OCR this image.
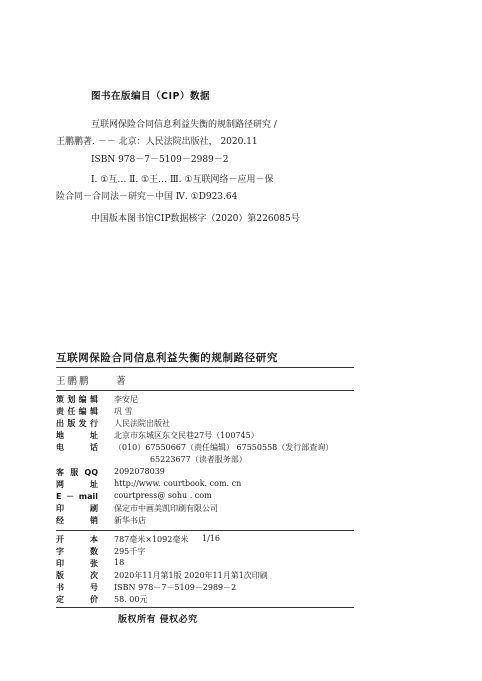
图书在版编目（CIP）数据
互联网保险合同信息利益失衡的规制路径研究 /
王鹏鹏著. －－ 北京：人民法院出版社， 2020.11
ISBN 978－7－5109－2989－2
Ⅰ. ①互… Ⅱ. ①王… Ⅲ. ①互联网络－应用－保
险合同－合同法－研究－中国 Ⅳ. ①D923.64
中国版本图书馆CIP数据核字（2020）第226085号
互联网保险合同信息利益失衡的规制路径研究
王鹏鹏	著
策划编辑 李安尼
责任编辑 巩 雪
出版发行 人民法院出版社
地 址 北京市东城区东交民巷27号（100745）
电 话 （010）67550667（责任编辑） 67550558（发行部查询）
65223677（读者服务部）
客 服 QQ 2092078039
网 址 http://www. courtbook. com. cn
E － mail courtpress@ sohu . com
印 刷 保定市中画美凯印刷有限公司
经 销 新华书店
开 本 787毫米×1092毫米 1/16
字 数 295千字
印 张 18
版 次 2020年11月第1版 2020年11月第1次印刷
书 号 ISBN 978－7－5109－2989－2
定 价 58. 00元
版权所有 侵权必究
